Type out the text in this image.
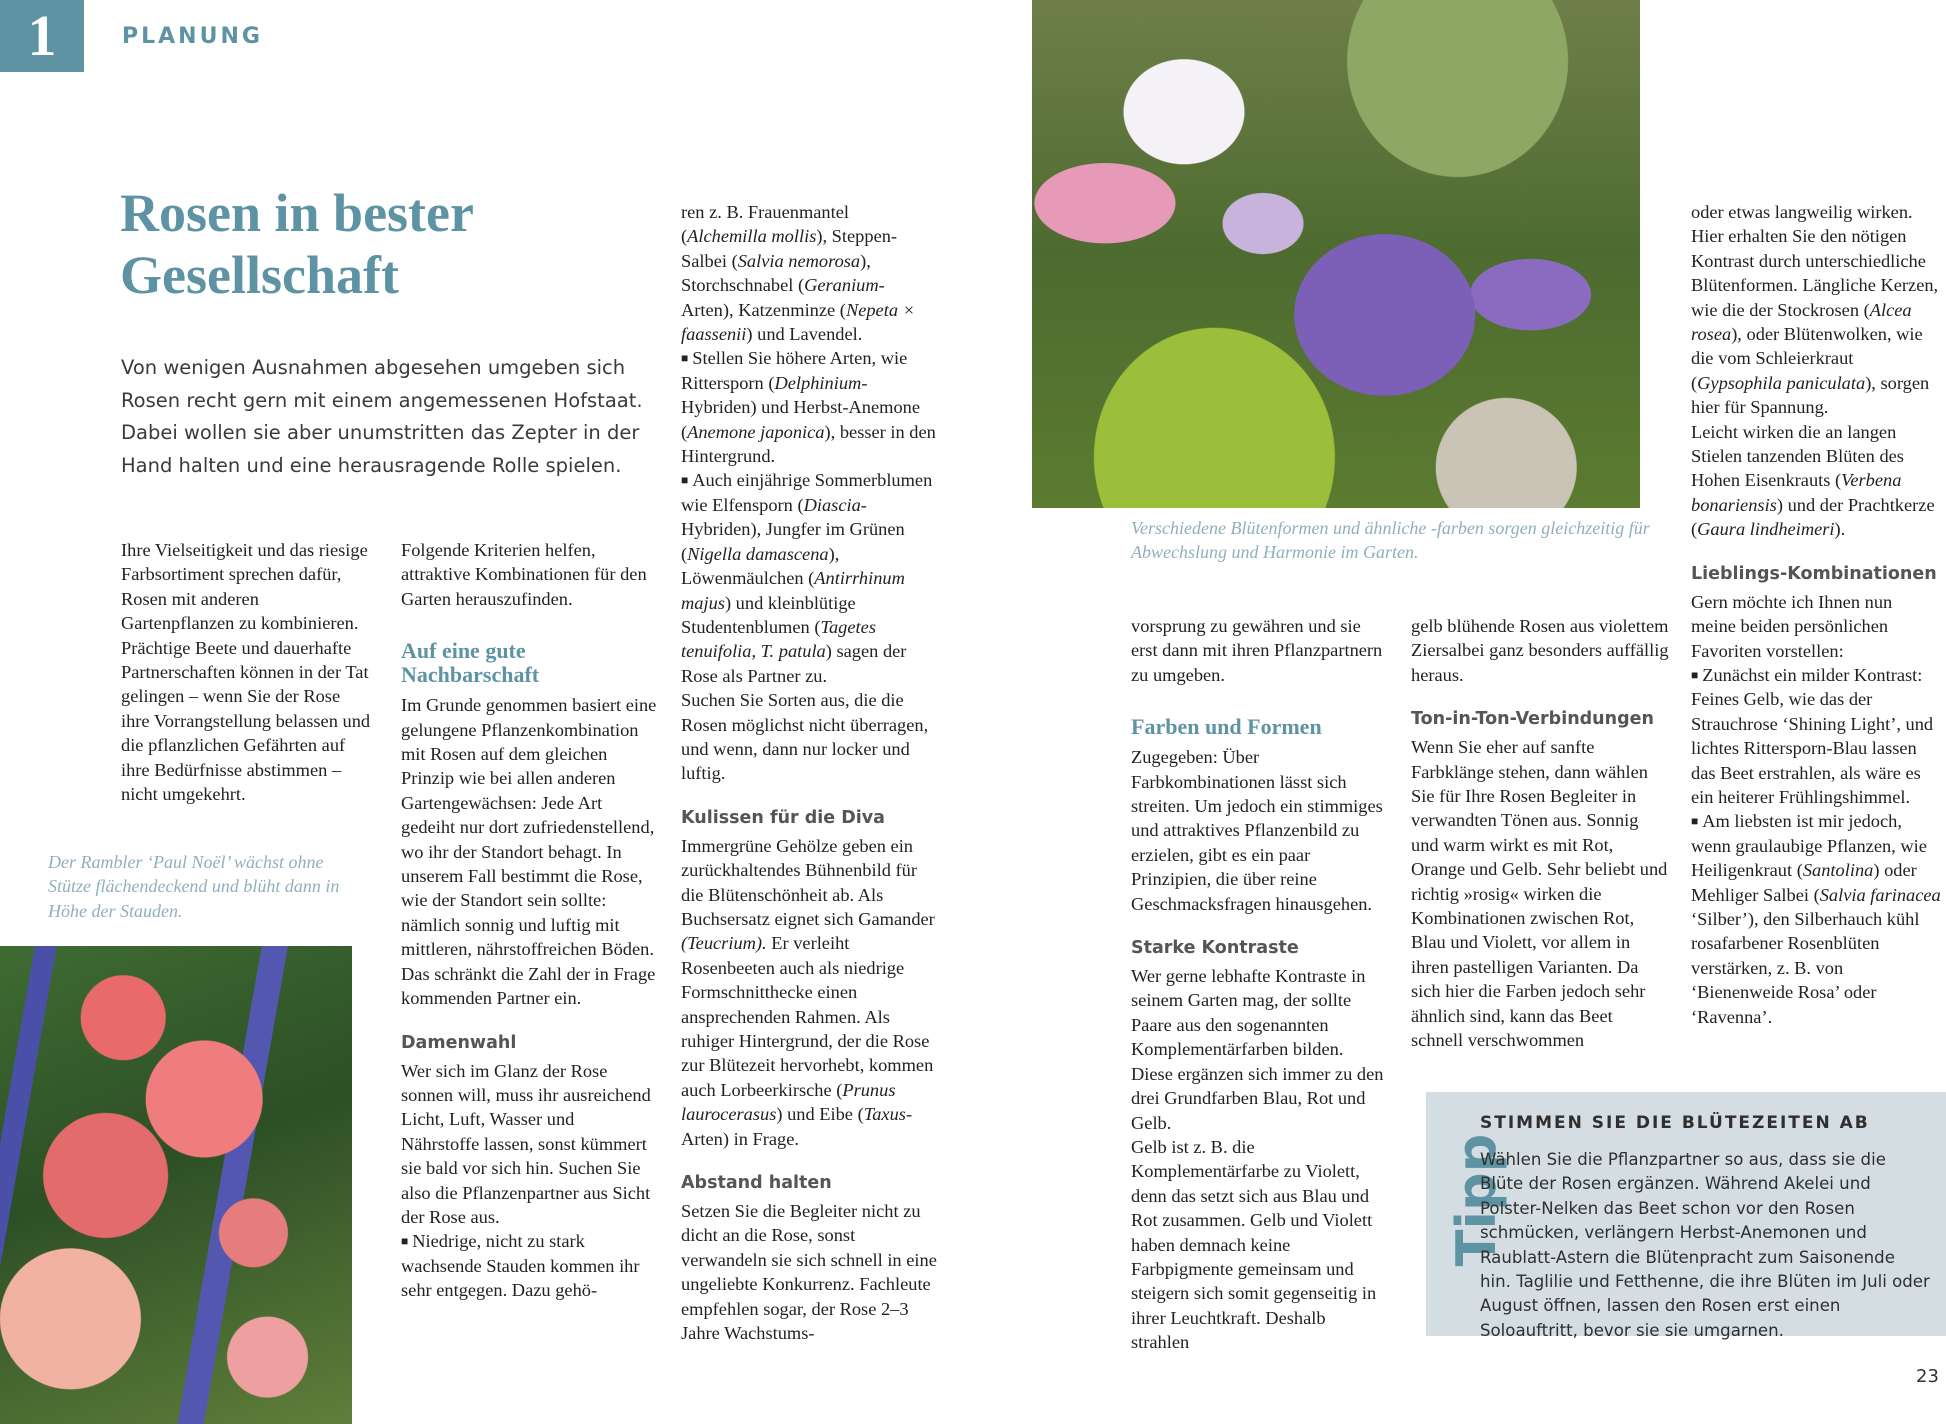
1	PLANUNG
Rosen in bester
Gesellschaft

Von wenigen Ausnahmen abgesehen umgeben sich Rosen recht gern mit einem angemessenen Hofstaat. Dabei wollen sie aber unumstritten das Zepter in der Hand halten und eine herausragende Rolle spielen.

Ihre Vielseitigkeit und das riesige Farbsortiment sprechen dafür, Rosen mit anderen Gartenpflanzen zu kombinieren. Prächtige Beete und dauerhafte Partnerschaften können in der Tat gelingen – wenn Sie der Rose ihre Vorrangstellung belassen und die pflanzlichen Gefährten auf ihre Bedürfnisse abstimmen – nicht umgekehrt.

Der Rambler ‘Paul Noël’ wächst ohne Stütze flächendeckend und blüht dann in Höhe der Stauden.

Folgende Kriterien helfen, attraktive Kombinationen für den Garten herauszufinden.

Auf eine gute Nachbarschaft

Im Grunde genommen basiert eine gelungene Pflanzenkombination mit Rosen auf dem gleichen Prinzip wie bei allen anderen Gartengewächsen: Jede Art gedeiht nur dort zufriedenstellend, wo ihr der Standort behagt. In unserem Fall bestimmt die Rose, wie der Standort sein sollte: nämlich sonnig und luftig mit mittleren, nährstoffreichen Böden. Das schränkt die Zahl der in Frage kommenden Partner ein.

Damenwahl

Wer sich im Glanz der Rose sonnen will, muss ihr ausreichend Licht, Luft, Wasser und Nährstoffe lassen, sonst kümmert sie bald vor sich hin. Suchen Sie also die Pflanzenpartner aus Sicht der Rose aus.

■ Niedrige, nicht zu stark wachsende Stauden kommen ihr sehr entgegen. Dazu gehö-

ren z. B. Frauenmantel (Alchemilla mollis), Steppen-Salbei (Salvia nemorosa), Storchschnabel (Geranium-Arten), Katzenminze (Nepeta × faassenii) und Lavendel.

■ Stellen Sie höhere Arten, wie Rittersporn (Delphinium-Hybriden) und Herbst-Anemone (Anemone japonica), besser in den Hintergrund.

■ Auch einjährige Sommerblumen wie Elfensporn (Diascia-Hybriden), Jungfer im Grünen (Nigella damascena), Löwenmäulchen (Antirrhinum majus) und kleinblütige Studentenblumen (Tagetes tenuifolia, T. patula) sagen der Rose als Partner zu.

Suchen Sie Sorten aus, die die Rosen möglichst nicht überragen, und wenn, dann nur locker und luftig.

Kulissen für die Diva

Immergrüne Gehölze geben ein zurückhaltendes Bühnenbild für die Blütenschönheit ab. Als Buchsersatz eignet sich Gamander (Teucrium). Er verleiht Rosenbeeten auch als niedrige Formschnitthecke einen ansprechenden Rahmen. Als ruhiger Hintergrund, der die Rose zur Blütezeit hervorhebt, kommen auch Lorbeerkirsche (Prunus laurocerasus) und Eibe (Taxus-Arten) in Frage.

Abstand halten

Setzen Sie die Begleiter nicht zu dicht an die Rose, sonst verwandeln sie sich schnell in eine ungeliebte Konkurrenz. Fachleute empfehlen sogar, der Rose 2–3 Jahre Wachstums-

Verschiedene Blütenformen und ähnliche -farben sorgen gleichzeitig für Abwechslung und Harmonie im Garten.

vorsprung zu gewähren und sie erst dann mit ihren Pflanzpartnern zu umgeben.

Farben und Formen

Zugegeben: Über Farbkombinationen lässt sich streiten. Um jedoch ein stimmiges und attraktives Pflanzenbild zu erzielen, gibt es ein paar Prinzipien, die über reine Geschmacksfragen hinausgehen.

Starke Kontraste

Wer gerne lebhafte Kontraste in seinem Garten mag, der sollte Paare aus den sogenannten Komplementärfarben bilden. Diese ergänzen sich immer zu den drei Grundfarben Blau, Rot und Gelb.

Gelb ist z. B. die Komplementärfarbe zu Violett, denn das setzt sich aus Blau und Rot zusammen. Gelb und Violett haben demnach keine Farbpigmente gemeinsam und steigern sich somit gegenseitig in ihrer Leuchtkraft. Deshalb strahlen

gelb blühende Rosen aus violettem Ziersalbei ganz besonders auffällig heraus.

Ton-in-Ton-Verbindungen

Wenn Sie eher auf sanfte Farbklänge stehen, dann wählen Sie für Ihre Rosen Begleiter in verwandten Tönen aus. Sonnig und warm wirkt es mit Rot, Orange und Gelb. Sehr beliebt und richtig »rosig« wirken die Kombinationen zwischen Rot, Blau und Violett, vor allem in ihren pastelligen Varianten. Da sich hier die Farben jedoch sehr ähnlich sind, kann das Beet schnell verschwommen

oder etwas langweilig wirken. Hier erhalten Sie den nötigen Kontrast durch unterschiedliche Blütenformen. Längliche Kerzen, wie die der Stockrosen (Alcea rosea), oder Blütenwolken, wie die vom Schleierkraut (Gypsophila paniculata), sorgen hier für Spannung.

Leicht wirken die an langen Stielen tanzenden Blüten des Hohen Eisenkrauts (Verbena bonariensis) und der Prachtkerze (Gaura lindheimeri).

Lieblings-Kombinationen

Gern möchte ich Ihnen nun meine beiden persönlichen Favoriten vorstellen:

■ Zunächst ein milder Kontrast: Feines Gelb, wie das der Strauchrose ‘Shining Light’, und lichtes Rittersporn-Blau lassen das Beet erstrahlen, als wäre es ein heiterer Frühlingshimmel.

■ Am liebsten ist mir jedoch, wenn graulaubige Pflanzen, wie Heiligenkraut (Santolina) oder Mehliger Salbei (Salvia farinacea ‘Silber’), den Silberhauch kühl rosafarbener Rosenblüten verstärken, z. B. von ‘Bienenweide Rosa’ oder ‘Ravenna’.

Tipp
STIMMEN SIE DIE BLÜTEZEITEN AB

Wählen Sie die Pflanzpartner so aus, dass sie die Blüte der Rosen ergänzen. Während Akelei und Polster-Nelken das Beet schon vor den Rosen schmücken, verlängern Herbst-Anemonen und Raublatt-Astern die Blütenpracht zum Saisonende hin. Taglilie und Fetthenne, die ihre Blüten im Juli oder August öffnen, lassen den Rosen erst einen Soloauftritt, bevor sie sie umgarnen.

23
